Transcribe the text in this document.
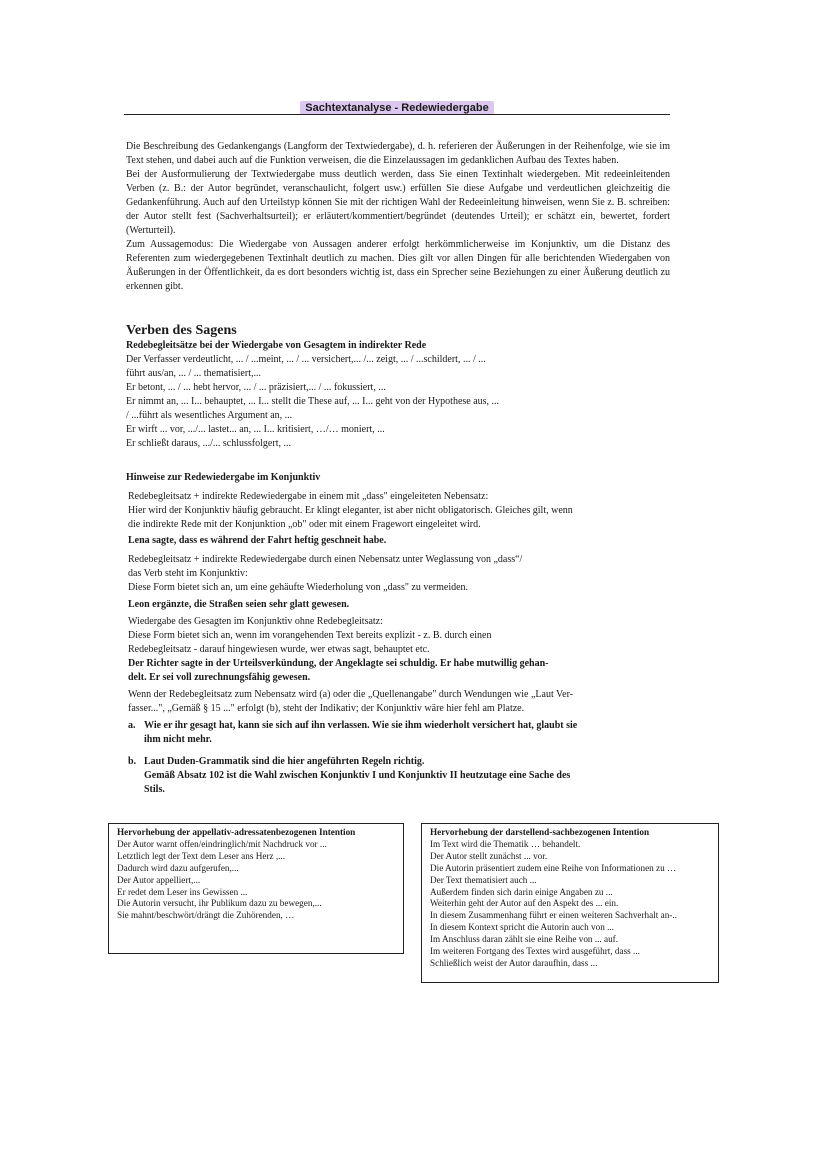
Sachtextanalyse - Redewiedergabe

Die Beschreibung des Gedankengangs (Langform der Textwiedergabe), d. h. referieren der Äußerungen in der Reihenfolge, wie sie im Text stehen, und dabei auch auf die Funktion verweisen, die die Einzelaussagen im gedanklichen Aufbau des Textes haben.

Bei der Ausformulierung der Textwiedergabe muss deutlich werden, dass Sie einen Textinhalt wiedergeben. Mit redeeinleitenden Verben (z. B.: der Autor begründet, veranschaulicht, folgert usw.) erfüllen Sie diese Aufgabe und verdeutlichen gleichzeitig die Gedankenführung. Auch auf den Urteilstyp können Sie mit der richtigen Wahl der Redeeinleitung hinweisen, wenn Sie z. B. schreiben: der Autor stellt fest (Sachverhaltsurteil); er erläutert/kommentiert/begründet (deutendes Urteil); er schätzt ein, bewertet, fordert (Werturteil).

Zum Aussagemodus: Die Wiedergabe von Aussagen anderer erfolgt herkömmlicherweise im Konjunktiv, um die Distanz des Referenten zum wiedergegebenen Textinhalt deutlich zu machen. Dies gilt vor allen Dingen für alle berichtenden Wiedergaben von Äußerungen in der Öffentlichkeit, da es dort besonders wichtig ist, dass ein Sprecher seine Beziehungen zu einer Äußerung deutlich zu erkennen gibt.

Verben des Sagens
Redebegleitsätze bei der Wiedergabe von Gesagtem in indirekter Rede
Der Verfasser verdeutlicht, ... / ...meint, ... / ... versichert,... /... zeigt, ... / ...schildert, ... / ...
führt aus/an, ... / ... thematisiert,...
Er betont, ... / ... hebt hervor, ... / ... präzisiert,... / ... fokussiert, ...
Er nimmt an, ... I... behauptet, ... I... stellt die These auf, ... I... geht von der Hypothese aus, ...
/ ...führt als wesentliches Argument an, ...
Er wirft ... vor, .../... lastet... an, ... I... kritisiert, …/… moniert, ...
Er schließt daraus, .../... schlussfolgert, ...
Hinweise zur Redewiedergabe im Konjunktiv
Redebegleitsatz + indirekte Redewiedergabe in einem mit „dass" eingeleiteten Nebensatz:
Hier wird der Konjunktiv häufig gebraucht. Er klingt eleganter, ist aber nicht obligatorisch. Gleiches gilt, wenn
die indirekte Rede mit der Konjunktion „ob" oder mit einem Fragewort eingeleitet wird.
Lena sagte, dass es während der Fahrt heftig geschneit habe.
Redebegleitsatz + indirekte Redewiedergabe durch einen Nebensatz unter Weglassung von „dass“/
das Verb steht im Konjunktiv:
Diese Form bietet sich an, um eine gehäufte Wiederholung von „dass" zu vermeiden.
Leon ergänzte, die Straßen seien sehr glatt gewesen.
Wiedergabe des Gesagten im Konjunktiv ohne Redebegleitsatz:
Diese Form bietet sich an, wenn im vorangehenden Text bereits explizit - z. B. durch einen
Redebegleitsatz - darauf hingewiesen wurde, wer etwas sagt, behauptet etc.
Der Richter sagte in der Urteilsverkündung, der Angeklagte sei schuldig. Er habe mutwillig gehan-
delt. Er sei voll zurechnungsfähig gewesen.
Wenn der Redebegleitsatz zum Nebensatz wird (a) oder die „Quellenangabe" durch Wendungen wie „Laut Ver-
fasser...", „Gemäß § 15 ..." erfolgt (b), steht der Indikativ; der Konjunktiv wäre hier fehl am Platze.
a. Wie er ihr gesagt hat, kann sie sich auf ihn verlassen. Wie sie ihm wiederholt versichert hat, glaubt sie
ihm nicht mehr.
b. Laut Duden-Grammatik sind die hier angeführten Regeln richtig.
Gemäß Absatz 102 ist die Wahl zwischen Konjunktiv I und Konjunktiv II heutzutage eine Sache des
Stils.
Hervorhebung der appellativ-adressatenbezogenen Intention
Der Autor warnt offen/eindringlich/mit Nachdruck vor ...
Letztlich legt der Text dem Leser ans Herz ,...
Dadurch wird dazu aufgerufen,...
Der Autor appelliert,...
Er redet dem Leser ins Gewissen ...
Die Autorin versucht, ihr Publikum dazu zu bewegen,...
Sie mahnt/beschwört/drängt die Zuhörenden, …
Hervorhebung der darstellend-sachbezogenen Intention
Im Text wird die Thematik … behandelt.
Der Autor stellt zunächst ... vor.
Die Autorin präsentiert zudem eine Reihe von Informationen zu …
Der Text thematisiert auch ...
Außerdem finden sich darin einige Angaben zu ...
Weiterhin geht der Autor auf den Aspekt des ... ein.
In diesem Zusammenhang führt er einen weiteren Sachverhalt an-..
In diesem Kontext spricht die Autorin auch von ...
Im Anschluss daran zählt sie eine Reihe von ... auf.
Im weiteren Fortgang des Textes wird ausgeführt, dass ...
Schließlich weist der Autor daraufhin, dass ...
